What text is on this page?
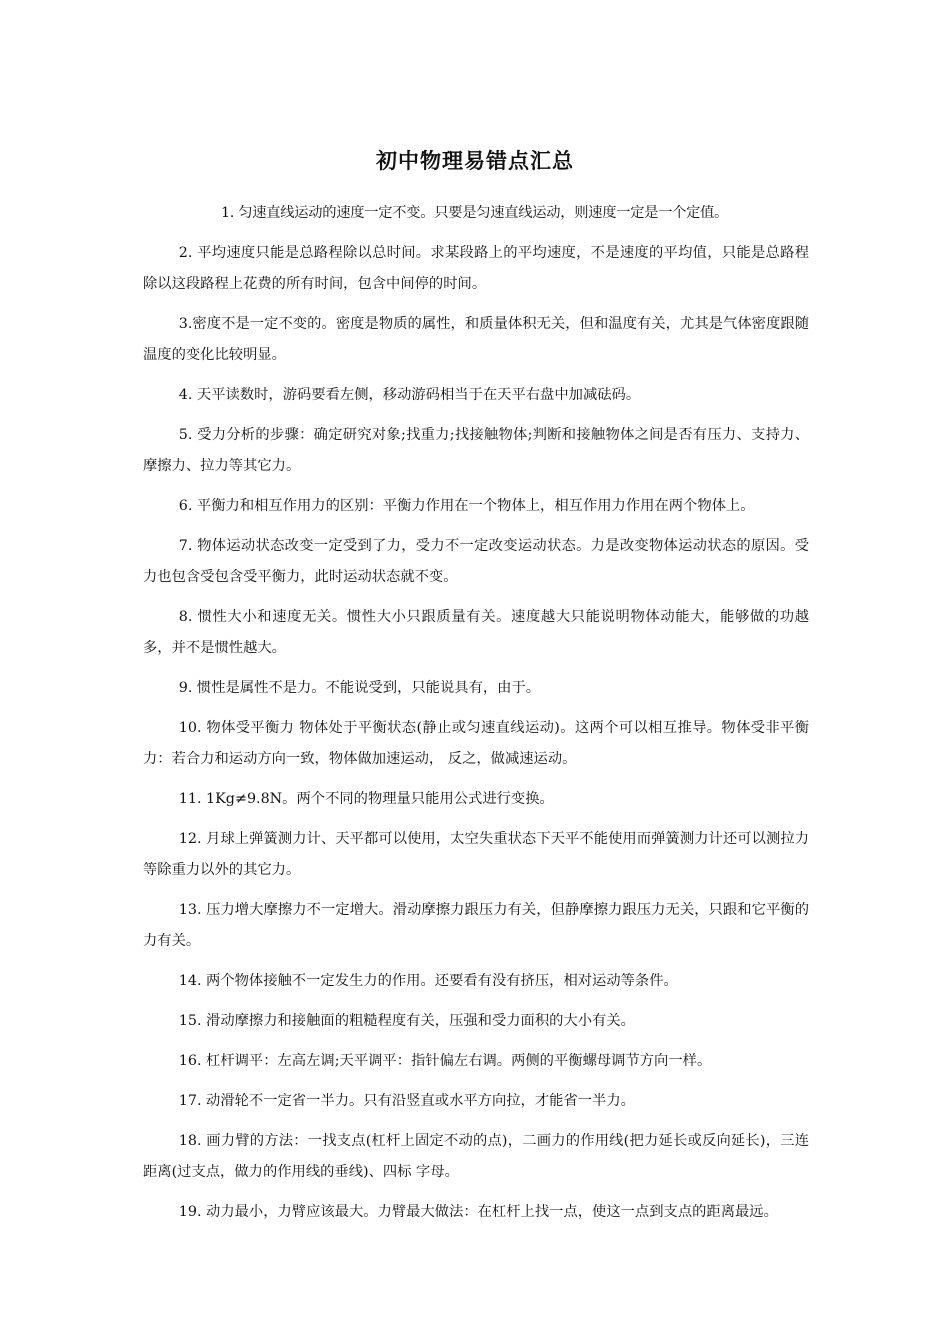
初中物理易错点汇总

1. 匀速直线运动的速度一定不变。只要是匀速直线运动，则速度一定是一个定值。

2. 平均速度只能是总路程除以总时间。求某段路上的平均速度，不是速度的平均值，只能是总路程除以这段路程上花费的所有时间，包含中间停的时间。

3.密度不是一定不变的。密度是物质的属性，和质量体积无关，但和温度有关，尤其是气体密度跟随温度的变化比较明显。

4. 天平读数时，游码要看左侧，移动游码相当于在天平右盘中加减砝码。

5. 受力分析的步骤：确定研究对象;找重力;找接触物体;判断和接触物体之间是否有压力、支持力、摩擦力、拉力等其它力。

6. 平衡力和相互作用力的区别：平衡力作用在一个物体上，相互作用力作用在两个物体上。

7. 物体运动状态改变一定受到了力，受力不一定改变运动状态。力是改变物体运动状态的原因。受力也包含受包含受平衡力，此时运动状态就不变。

8. 惯性大小和速度无关。惯性大小只跟质量有关。速度越大只能说明物体动能大，能够做的功越多，并不是惯性越大。

9. 惯性是属性不是力。不能说受到，只能说具有，由于。

10. 物体受平衡力 物体处于平衡状态(静止或匀速直线运动)。这两个可以相互推导。物体受非平衡力：若合力和运动方向一致，物体做加速运动， 反之，做减速运动。

11. 1Kg≠9.8N。两个不同的物理量只能用公式进行变换。

12. 月球上弹簧测力计、天平都可以使用，太空失重状态下天平不能使用而弹簧测力计还可以测拉力等除重力以外的其它力。

13. 压力增大摩擦力不一定增大。滑动摩擦力跟压力有关，但静摩擦力跟压力无关，只跟和它平衡的力有关。

14. 两个物体接触不一定发生力的作用。还要看有没有挤压，相对运动等条件。

15. 滑动摩擦力和接触面的粗糙程度有关，压强和受力面积的大小有关。

16. 杠杆调平：左高左调;天平调平：指针偏左右调。两侧的平衡螺母调节方向一样。

17. 动滑轮不一定省一半力。只有沿竖直或水平方向拉，才能省一半力。

18. 画力臂的方法：一找支点(杠杆上固定不动的点)，二画力的作用线(把力延长或反向延长)，三连距离(过支点，做力的作用线的垂线)、四标 字母。

19. 动力最小，力臂应该最大。力臂最大做法：在杠杆上找一点，使这一点到支点的距离最远。
